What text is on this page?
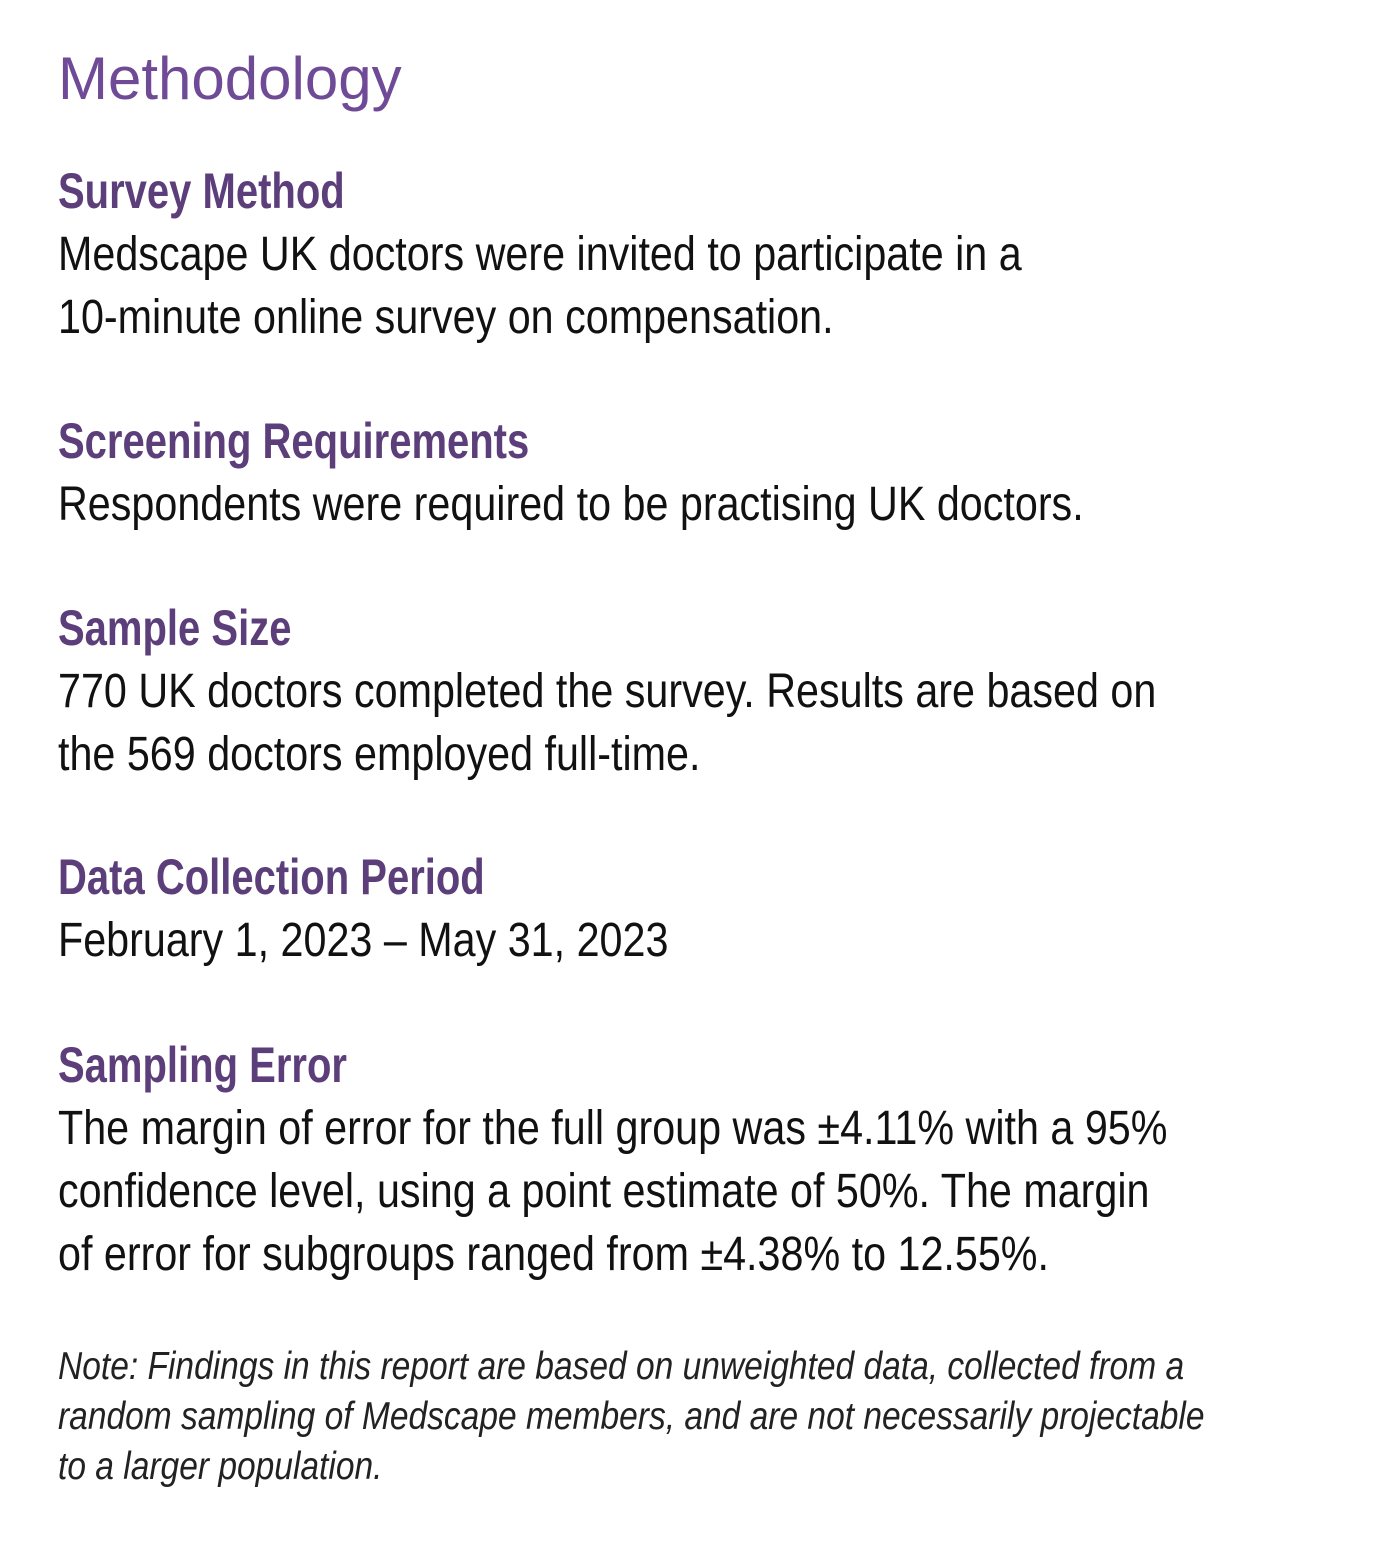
Methodology
Survey Method
Medscape UK doctors were invited to participate in a
10-minute online survey on compensation.
Screening Requirements
Respondents were required to be practising UK doctors.
Sample Size
770 UK doctors completed the survey. Results are based on
the 569 doctors employed full-time.
Data Collection Period
February 1, 2023 – May 31, 2023
Sampling Error
The margin of error for the full group was ±4.11% with a 95%
confidence level, using a point estimate of 50%. The margin
of error for subgroups ranged from ±4.38% to 12.55%.
Note: Findings in this report are based on unweighted data, collected from a
random sampling of Medscape members, and are not necessarily projectable
to a larger population.
